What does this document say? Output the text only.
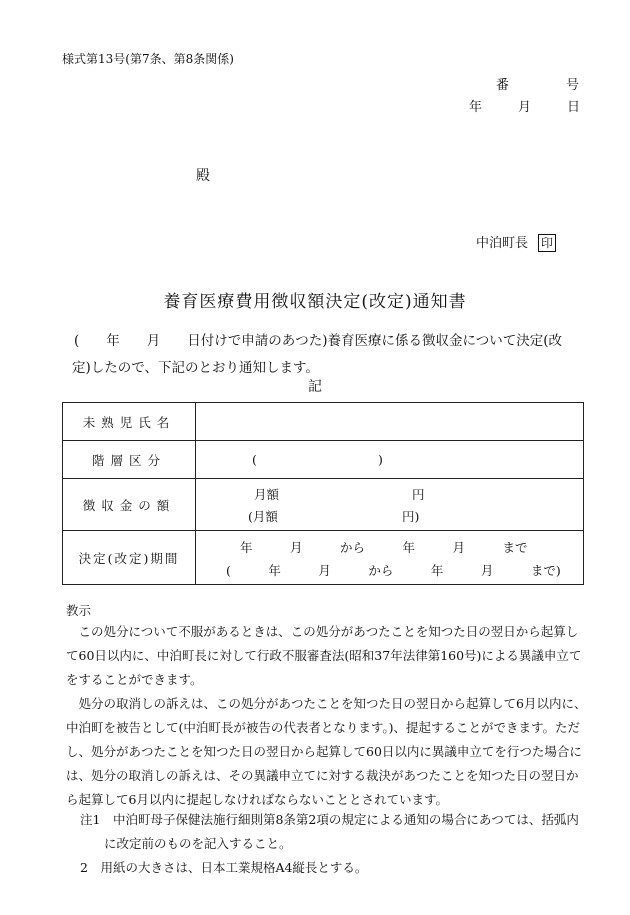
様式第13号(第7条、第8条関係)
番	号
年	月	日
殿
中泊町長 印
養育医療費用徴収額決定(改定)通知書
(　　年　　月　　日付けで申請のあつた)養育医療に係る徴収金について決定(改
定)したので、下記のとおり通知します。
記
未熟児氏名	
階層区分	( )

徴収金の額	月額 円
(月額 円)

決定(改定)期間	年　　　月　　　から　　　年　　　月　　　まで
(　　　年　　　月　　　から　　　年　　　月　　　まで)
教示

この処分について不服があるときは、この処分があつたことを知つた日の翌日から起算して60日以内に、中泊町長に対して行政不服審査法(昭和37年法律第160号)による異議申立てをすることができます。

処分の取消しの訴えは、この処分があつたことを知つた日の翌日から起算して6月以内に、中泊町を被告として(中泊町長が被告の代表者となります。)、提起することができます。ただし、処分があつたことを知つた日の翌日から起算して60日以内に異議申立てを行つた場合には、処分の取消しの訴えは、その異議申立てに対する裁決があつたことを知つた日の翌日から起算して6月以内に提起しなければならないこととされています。

注1　中泊町母子保健法施行細則第8条第2項の規定による通知の場合にあつては、括弧内に改定前のものを記入すること。

2　用紙の大きさは、日本工業規格A4縦長とする。
